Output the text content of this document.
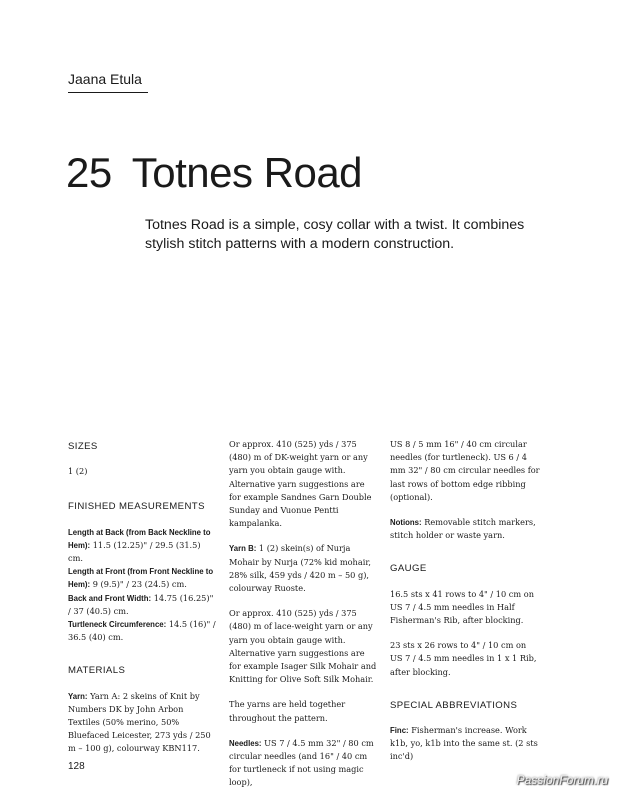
Jaana Etula
25 Totnes Road
Totnes Road is a simple, cosy collar with a twist. It combines stylish stitch patterns with a modern construction.
SIZES

1 (2)

FINISHED MEASUREMENTS

Length at Back (from Back Neckline to Hem): 11.5 (12.25)" / 29.5 (31.5) cm.
Length at Front (from Front Neckline to Hem): 9 (9.5)" / 23 (24.5) cm.
Back and Front Width: 14.75 (16.25)" / 37 (40.5) cm.
Turtleneck Circumference: 14.5 (16)" / 36.5 (40) cm.

MATERIALS

Yarn: Yarn A: 2 skeins of Knit by Numbers DK by John Arbon Textiles (50% merino, 50% Bluefaced Leicester, 273 yds / 250 m – 100 g), colourway KBN117.

Or approx. 410 (525) yds / 375 (480) m of DK-weight yarn or any yarn you obtain gauge with. Alternative yarn suggestions are for example Sandnes Garn Double Sunday and Vuonue Pentti kampalanka.

Yarn B: 1 (2) skein(s) of Nurja Mohair by Nurja (72% kid mohair, 28% silk, 459 yds / 420 m – 50 g), colourway Ruoste.

Or approx. 410 (525) yds / 375 (480) m of lace-weight yarn or any yarn you obtain gauge with. Alternative yarn suggestions are for example Isager Silk Mohair and Knitting for Olive Soft Silk Mohair.

The yarns are held together throughout the pattern.

Needles: US 7 / 4.5 mm 32" / 80 cm circular needles (and 16" / 40 cm for turtleneck if not using magic loop),

US 8 / 5 mm 16" / 40 cm circular needles (for turtleneck). US 6 / 4 mm 32" / 80 cm circular needles for last rows of bottom edge ribbing (optional).

Notions: Removable stitch markers, stitch holder or waste yarn.

GAUGE

16.5 sts x 41 rows to 4" / 10 cm on US 7 / 4.5 mm needles in Half Fisherman's Rib, after blocking.

23 sts x 26 rows to 4" / 10 cm on US 7 / 4.5 mm needles in 1 x 1 Rib, after blocking.

SPECIAL ABBREVIATIONS

Finc: Fisherman's increase. Work k1b, yo, k1b into the same st. (2 sts inc'd)

128
PassionForum.ru
